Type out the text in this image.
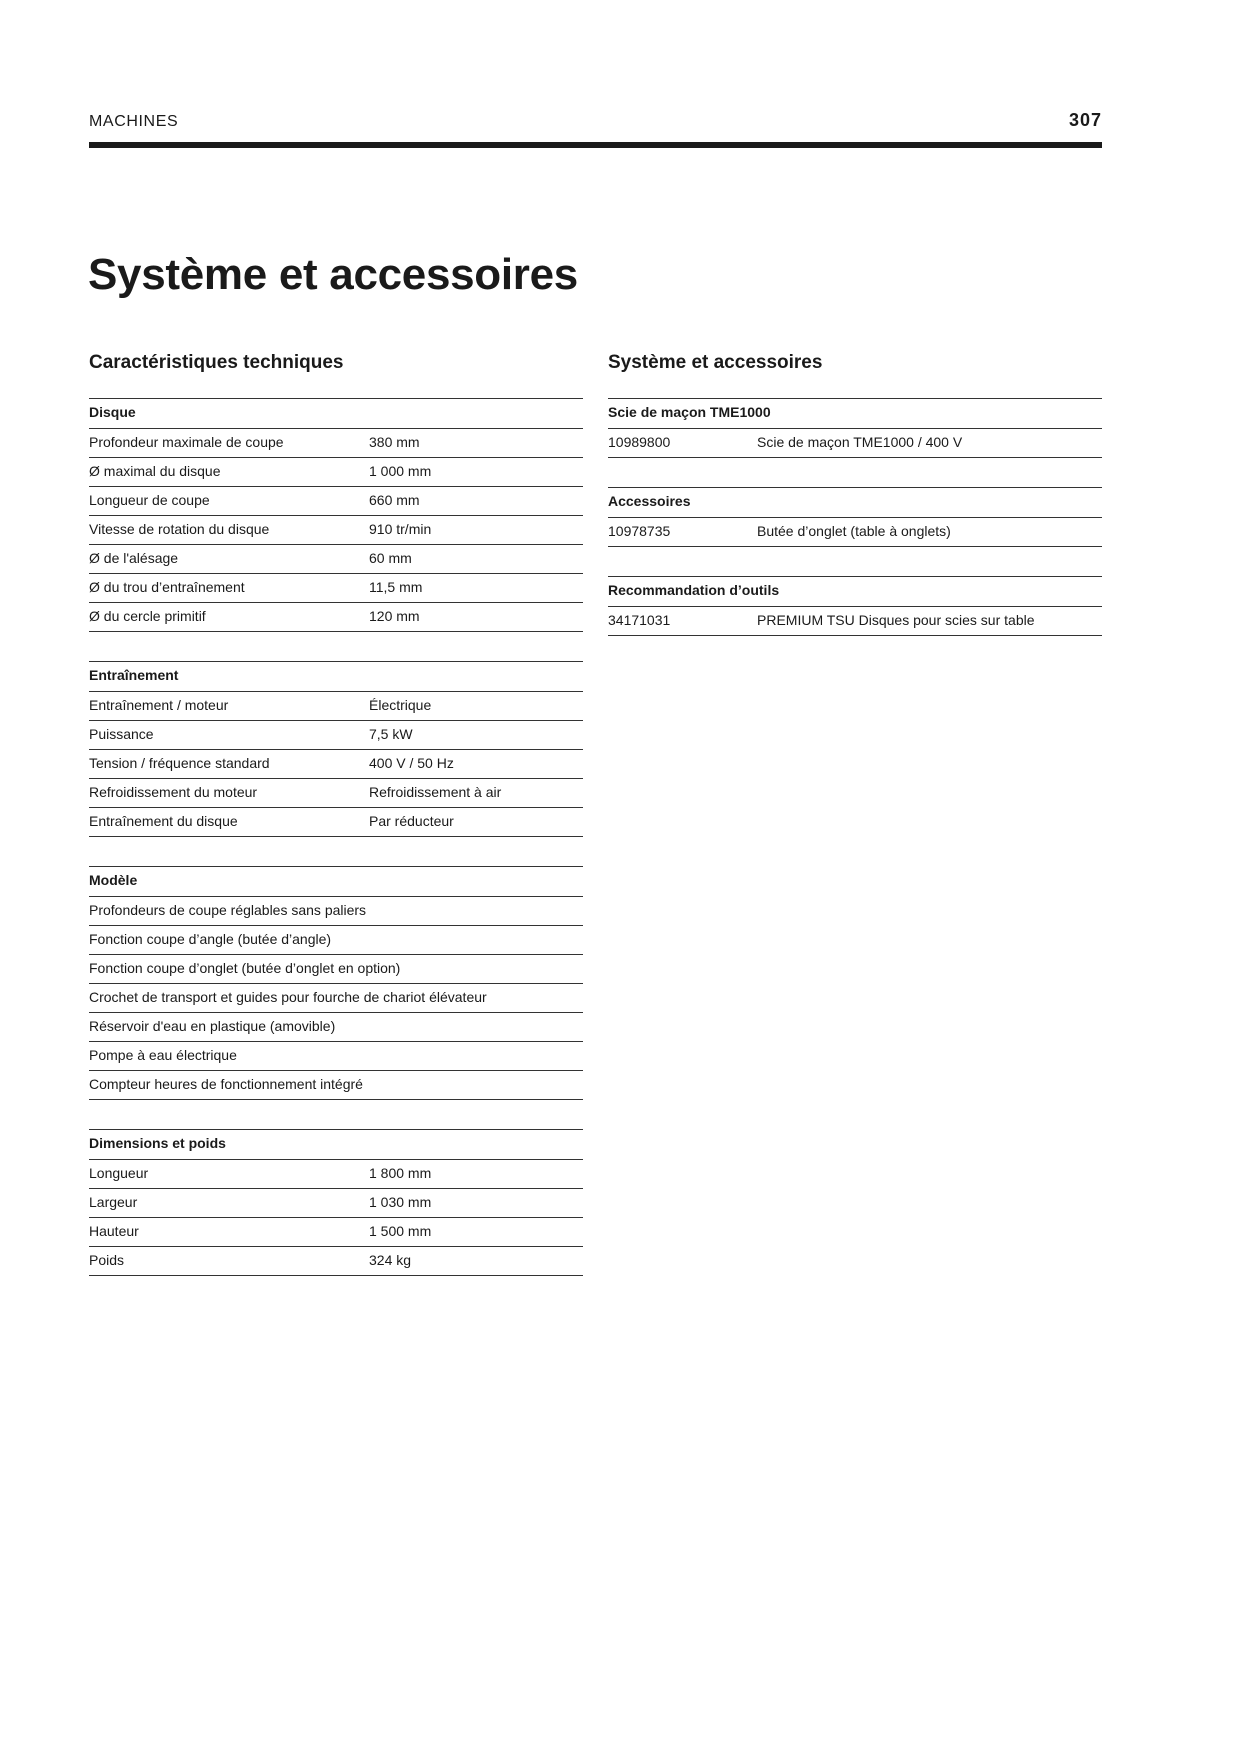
MACHINES	307
Système et accessoires
Caractéristiques techniques
Disque
Profondeur maximale de coupe	380 mm
Ø maximal du disque	1 000 mm
Longueur de coupe	660 mm
Vitesse de rotation du disque	910 tr/min
Ø de l'alésage	60 mm
Ø du trou d’entraînement	11,5 mm
Ø du cercle primitif	120 mm
Entraînement
Entraînement / moteur	Électrique
Puissance	7,5 kW
Tension / fréquence standard	400 V / 50 Hz
Refroidissement du moteur	Refroidissement à air
Entraînement du disque	Par réducteur
Modèle
Profondeurs de coupe réglables sans paliers
Fonction coupe d’angle (butée d’angle)
Fonction coupe d’onglet (butée d’onglet en option)
Crochet de transport et guides pour fourche de chariot élévateur
Réservoir d'eau en plastique (amovible)
Pompe à eau électrique
Compteur heures de fonctionnement intégré
Dimensions et poids
Longueur	1 800 mm
Largeur	1 030 mm
Hauteur	1 500 mm
Poids	324 kg
Système et accessoires
Scie de maçon TME1000
10989800	Scie de maçon TME1000 / 400 V
Accessoires
10978735	Butée d’onglet (table à onglets)
Recommandation d’outils
34171031	PREMIUM TSU Disques pour scies sur table
